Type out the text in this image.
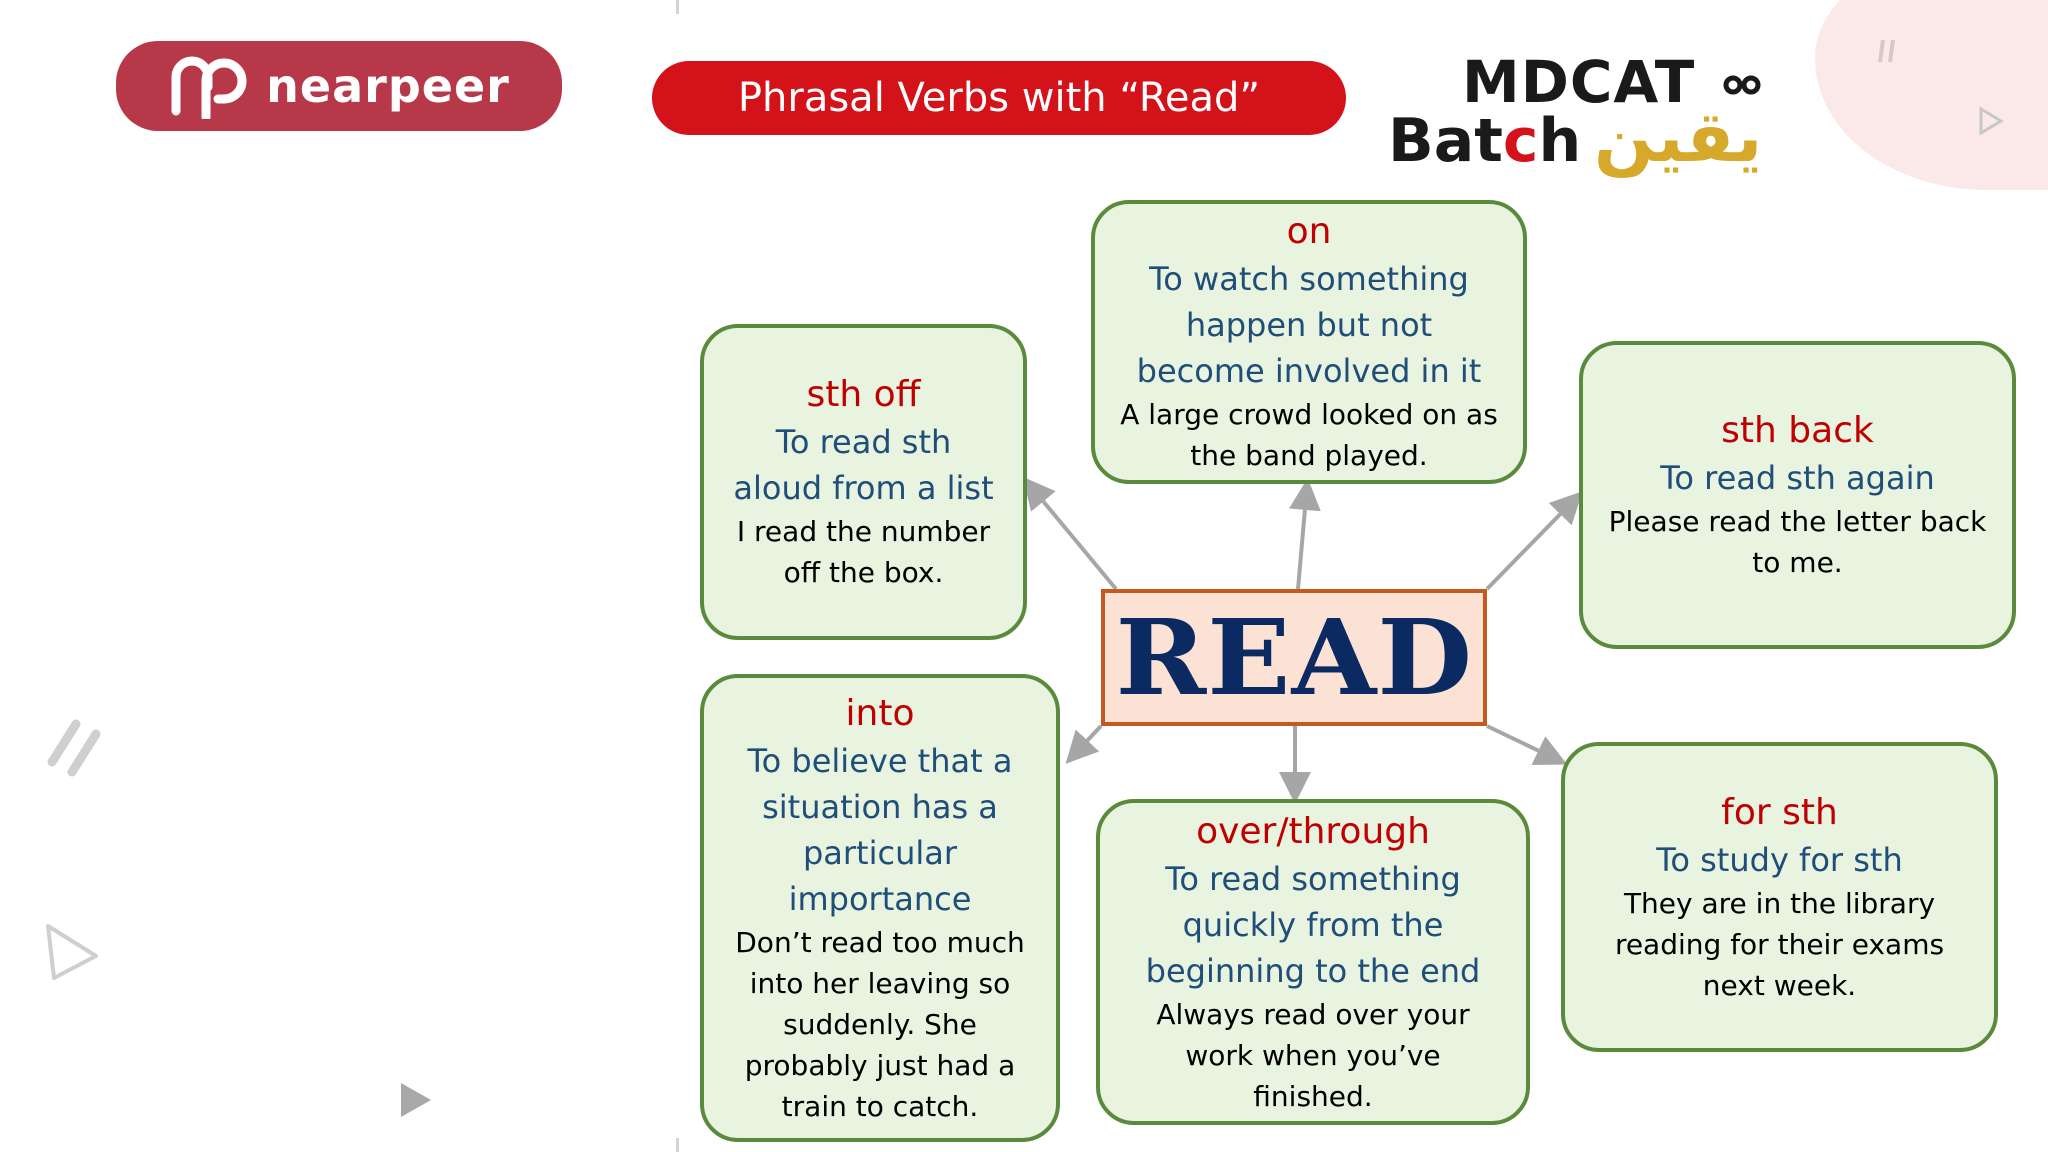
nearpeer	Phrasal Verbs with “Read”	MDCAT
Batch یقین
READ
on
To watch something happen but not become involved in it
A large crowd looked on as the band played.
sth off
To read sth aloud from a list
I read the number off the box.
sth back
To read sth again
Please read the letter back to me.
into
To believe that a situation has a particular importance
Don’t read too much into her leaving so suddenly. She probably just had a train to catch.
over/through
To read something quickly from the beginning to the end
Always read over your work when you’ve finished.
for sth
To study for sth
They are in the library reading for their exams next week.
